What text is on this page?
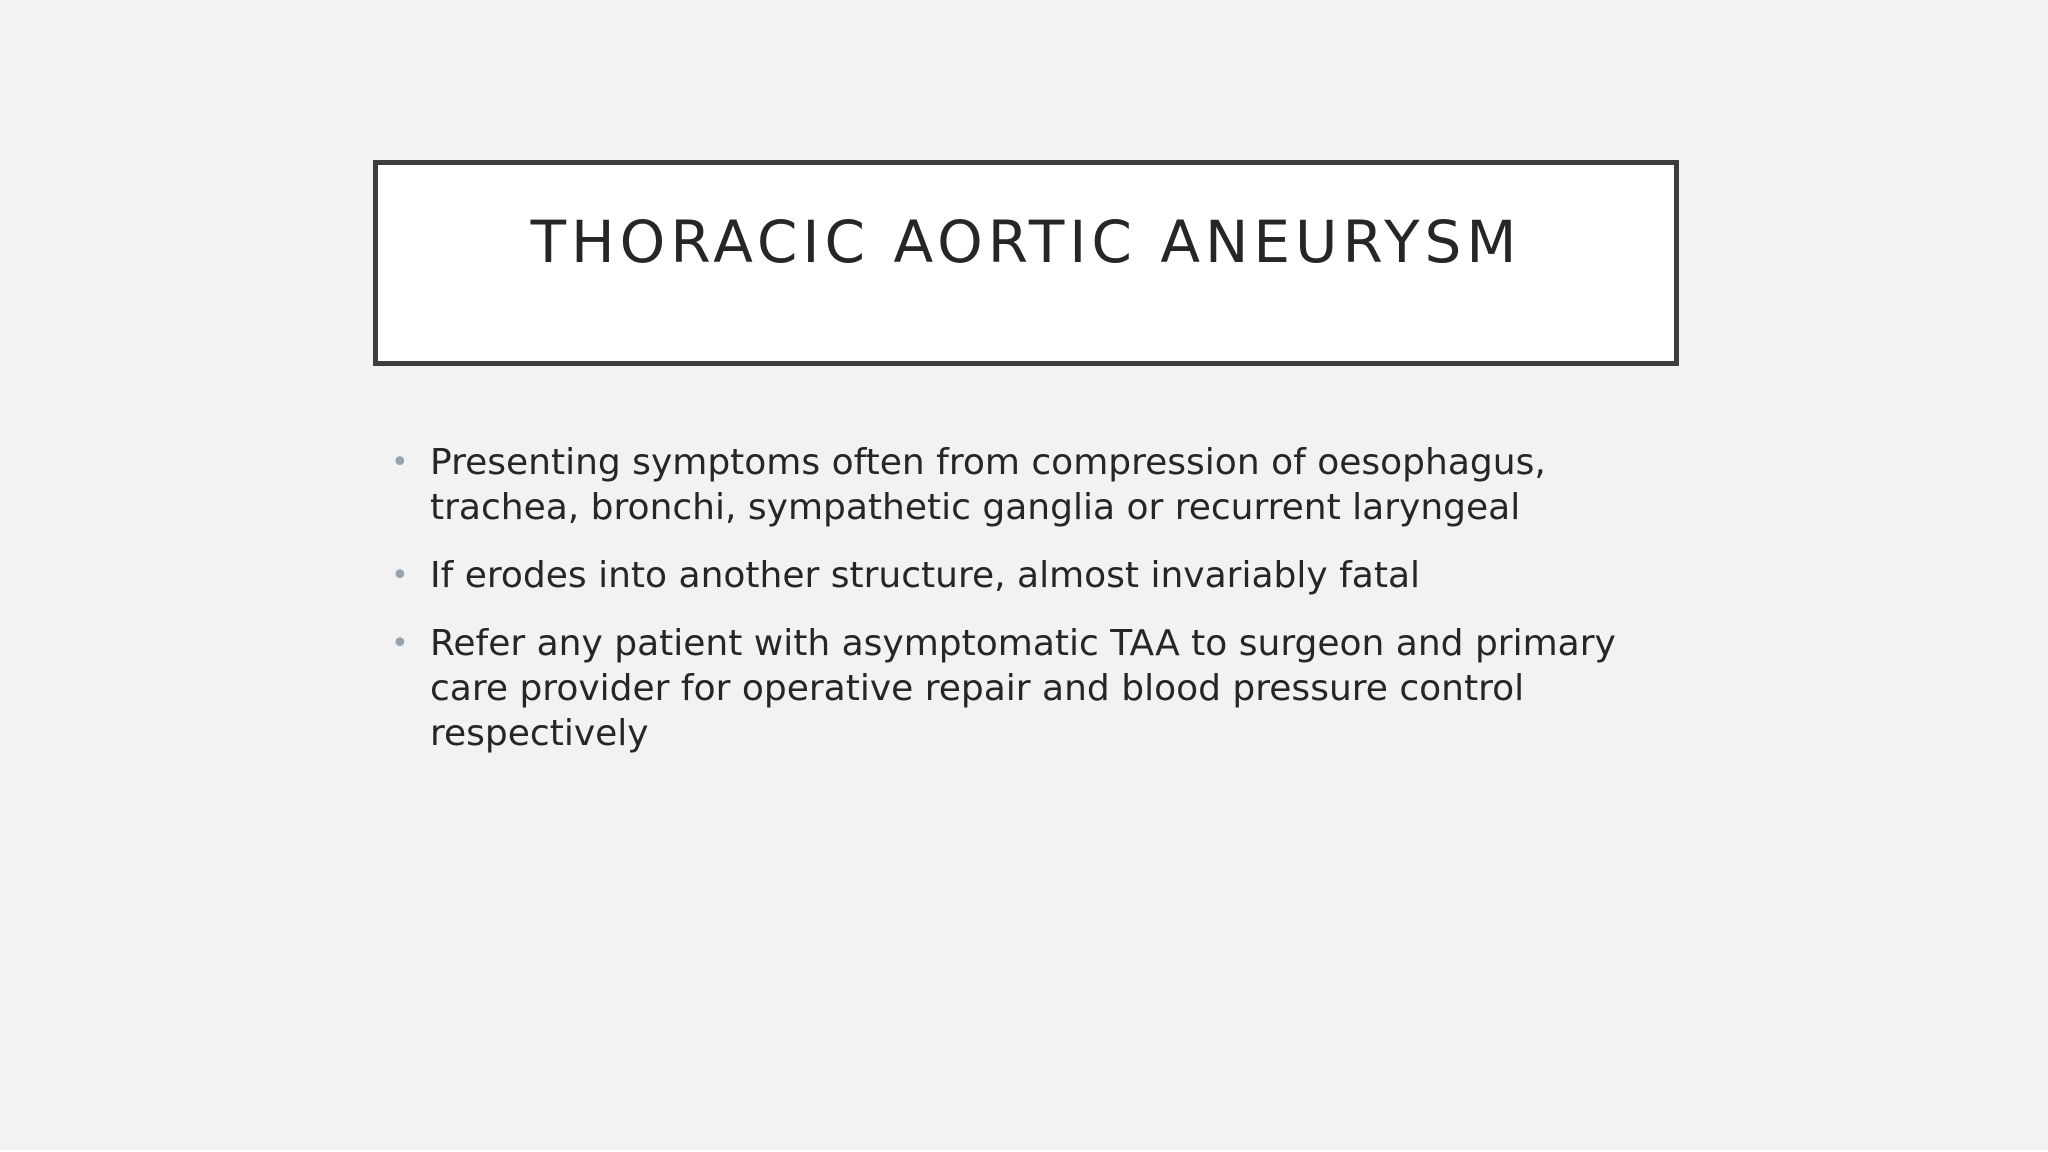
THORACIC AORTIC ANEURYSM
• Presenting symptoms often from compression of oesophagus, trachea, bronchi, sympathetic ganglia or recurrent laryngeal
• If erodes into another structure, almost invariably fatal
• Refer any patient with asymptomatic TAA to surgeon and primary care provider for operative repair and blood pressure control respectively
